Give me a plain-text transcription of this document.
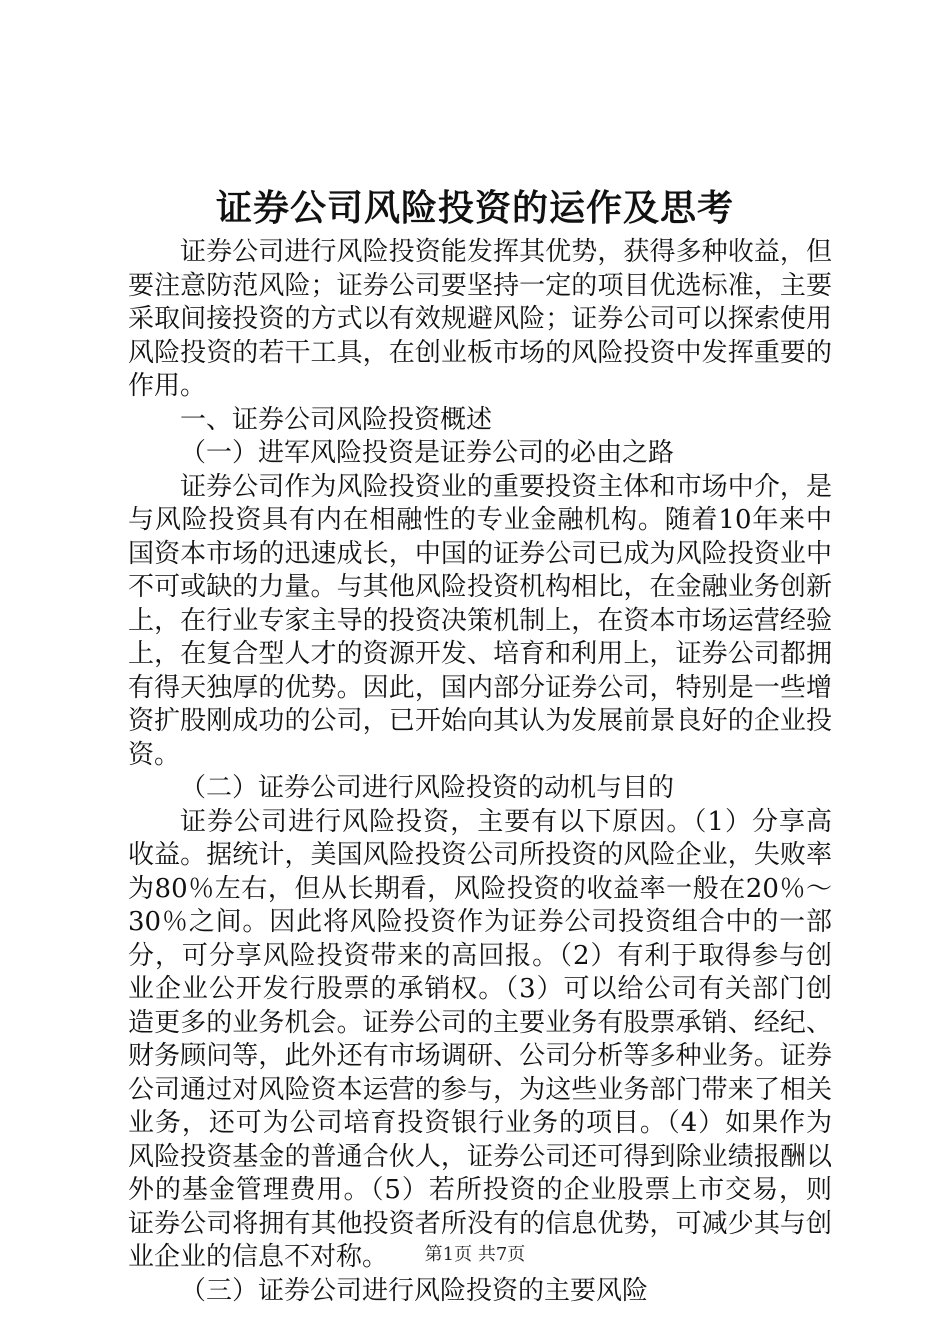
证券公司风险投资的运作及思考

证券公司进行风险投资能发挥其优势，获得多种收益，但要注意防范风险；证券公司要坚持一定的项目优选标准，主要采取间接投资的方式以有效规避风险；证券公司可以探索使用风险投资的若干工具，在创业板市场的风险投资中发挥重要的作用。

一、证券公司风险投资概述

（一）进军风险投资是证券公司的必由之路

证券公司作为风险投资业的重要投资主体和市场中介，是与风险投资具有内在相融性的专业金融机构。随着10年来中国资本市场的迅速成长，中国的证券公司已成为风险投资业中不可或缺的力量。与其他风险投资机构相比，在金融业务创新上，在行业专家主导的投资决策机制上，在资本市场运营经验上，在复合型人才的资源开发、培育和利用上，证券公司都拥有得天独厚的优势。因此，国内部分证券公司，特别是一些增资扩股刚成功的公司，已开始向其认为发展前景良好的企业投资。

（二）证券公司进行风险投资的动机与目的

证券公司进行风险投资，主要有以下原因。（1）分享高收益。据统计，美国风险投资公司所投资的风险企业，失败率为80％左右，但从长期看，风险投资的收益率一般在20％～30％之间。因此将风险投资作为证券公司投资组合中的一部分，可分享风险投资带来的高回报。（2）有利于取得参与创业企业公开发行股票的承销权。（3）可以给公司有关部门创造更多的业务机会。证券公司的主要业务有股票承销、经纪、财务顾问等，此外还有市场调研、公司分析等多种业务。证券公司通过对风险资本运营的参与，为这些业务部门带来了相关业务，还可为公司培育投资银行业务的项目。（4）如果作为风险投资基金的普通合伙人，证券公司还可得到除业绩报酬以外的基金管理费用。（5）若所投资的企业股票上市交易，则证券公司将拥有其他投资者所没有的信息优势，可减少其与创业企业的信息不对称。

（三）证券公司进行风险投资的主要风险

第1页 共7页
